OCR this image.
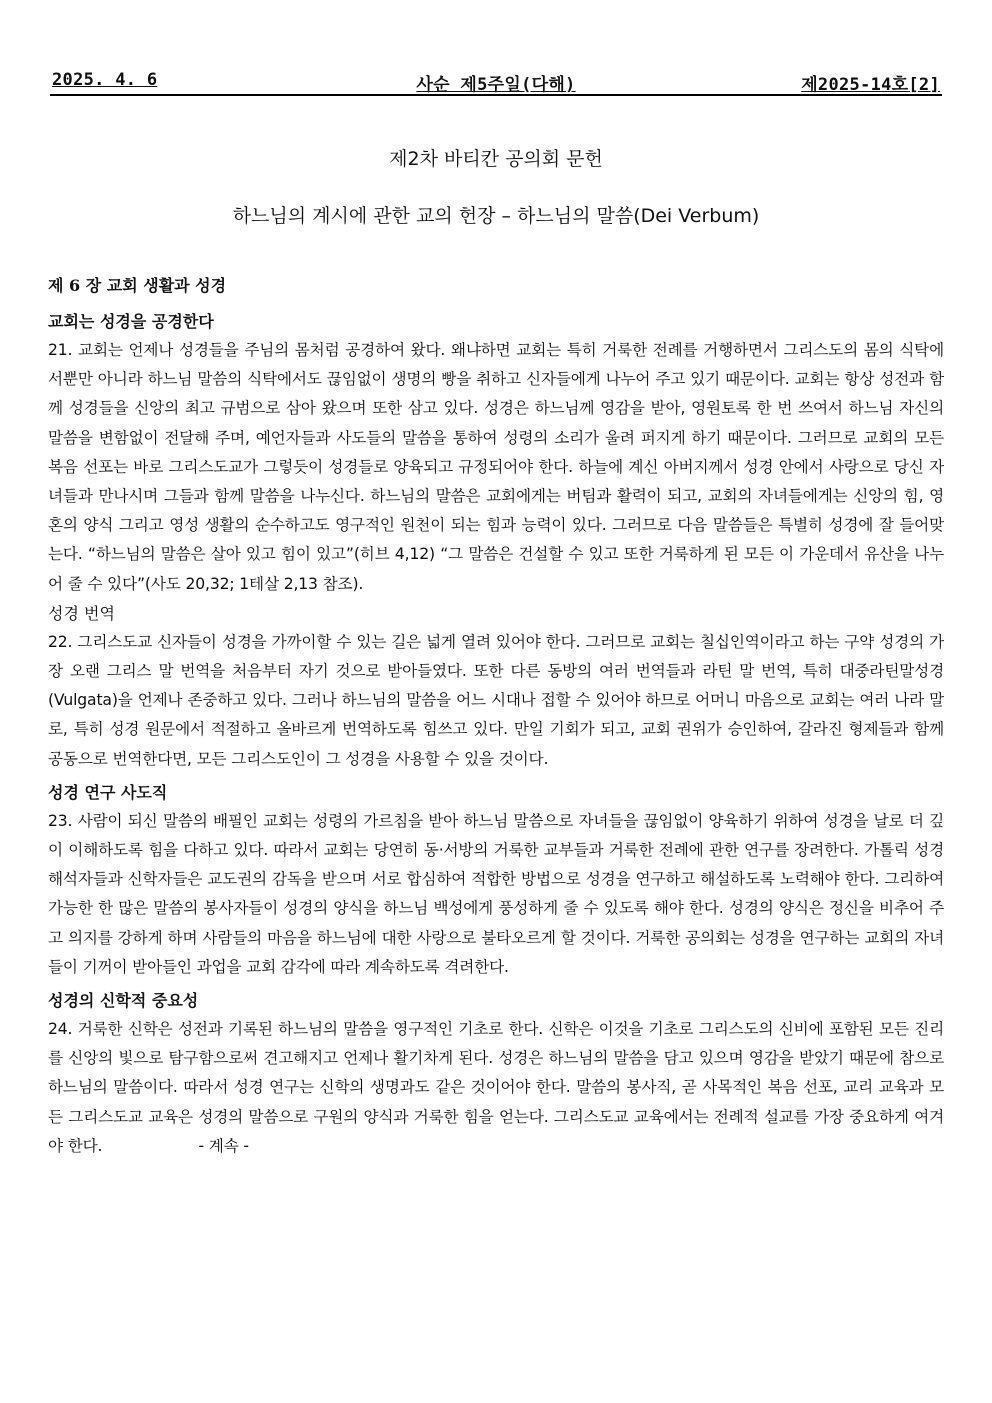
2025. 4. 6	사순 제5주일(다해)	제2025-14호[2]
제2차 바티칸 공의회 문헌
하느님의 계시에 관한 교의 헌장 – 하느님의 말씀(Dei Verbum)

제 6 장 교회 생활과 성경

교회는 성경을 공경한다

21. 교회는 언제나 성경들을 주님의 몸처럼 공경하여 왔다. 왜냐하면 교회는 특히 거룩한 전례를 거행하면서 그리스도의 몸의 식탁에서뿐만 아니라 하느님 말씀의 식탁에서도 끊임없이 생명의 빵을 취하고 신자들에게 나누어 주고 있기 때문이다. 교회는 항상 성전과 함께 성경들을 신앙의 최고 규범으로 삼아 왔으며 또한 삼고 있다. 성경은 하느님께 영감을 받아, 영원토록 한 번 쓰여서 하느님 자신의 말씀을 변함없이 전달해 주며, 예언자들과 사도들의 말씀을 통하여 성령의 소리가 울려 퍼지게 하기 때문이다. 그러므로 교회의 모든 복음 선포는 바로 그리스도교가 그렇듯이 성경들로 양육되고 규정되어야 한다. 하늘에 계신 아버지께서 성경 안에서 사랑으로 당신 자녀들과 만나시며 그들과 함께 말씀을 나누신다. 하느님의 말씀은 교회에게는 버팀과 활력이 되고, 교회의 자녀들에게는 신앙의 힘, 영혼의 양식 그리고 영성 생활의 순수하고도 영구적인 원천이 되는 힘과 능력이 있다. 그러므로 다음 말씀들은 특별히 성경에 잘 들어맞는다. “하느님의 말씀은 살아 있고 힘이 있고”(히브 4,12) “그 말씀은 건설할 수 있고 또한 거룩하게 된 모든 이 가운데서 유산을 나누어 줄 수 있다”(사도 20,32; 1테살 2,13 참조).

성경 번역

22. 그리스도교 신자들이 성경을 가까이할 수 있는 길은 넓게 열려 있어야 한다. 그러므로 교회는 칠십인역이라고 하는 구약 성경의 가장 오랜 그리스 말 번역을 처음부터 자기 것으로 받아들였다. 또한 다른 동방의 여러 번역들과 라틴 말 번역, 특히 대중라틴말성경(Vulgata)을 언제나 존중하고 있다. 그러나 하느님의 말씀을 어느 시대나 접할 수 있어야 하므로 어머니 마음으로 교회는 여러 나라 말로, 특히 성경 원문에서 적절하고 올바르게 번역하도록 힘쓰고 있다. 만일 기회가 되고, 교회 권위가 승인하여, 갈라진 형제들과 함께 공동으로 번역한다면, 모든 그리스도인이 그 성경을 사용할 수 있을 것이다.

성경 연구 사도직

23. 사람이 되신 말씀의 배필인 교회는 성령의 가르침을 받아 하느님 말씀으로 자녀들을 끊임없이 양육하기 위하여 성경을 날로 더 깊이 이해하도록 힘을 다하고 있다. 따라서 교회는 당연히 동·서방의 거룩한 교부들과 거룩한 전례에 관한 연구를 장려한다. 가톨릭 성경 해석자들과 신학자들은 교도권의 감독을 받으며 서로 합심하여 적합한 방법으로 성경을 연구하고 해설하도록 노력해야 한다. 그리하여 가능한 한 많은 말씀의 봉사자들이 성경의 양식을 하느님 백성에게 풍성하게 줄 수 있도록 해야 한다. 성경의 양식은 정신을 비추어 주고 의지를 강하게 하며 사람들의 마음을 하느님에 대한 사랑으로 불타오르게 할 것이다. 거룩한 공의회는 성경을 연구하는 교회의 자녀들이 기꺼이 받아들인 과업을 교회 감각에 따라 계속하도록 격려한다.

성경의 신학적 중요성

24. 거룩한 신학은 성전과 기록된 하느님의 말씀을 영구적인 기초로 한다. 신학은 이것을 기초로 그리스도의 신비에 포함된 모든 진리를 신앙의 빛으로 탐구함으로써 견고해지고 언제나 활기차게 된다. 성경은 하느님의 말씀을 담고 있으며 영감을 받았기 때문에 참으로 하느님의 말씀이다. 따라서 성경 연구는 신학의 생명과도 같은 것이어야 한다. 말씀의 봉사직, 곧 사목적인 복음 선포, 교리 교육과 모든 그리스도교 교육은 성경의 말씀으로 구원의 양식과 거룩한 힘을 얻는다. 그리스도교 교육에서는 전례적 설교를 가장 중요하게 여겨야 한다.	- 계속 -
